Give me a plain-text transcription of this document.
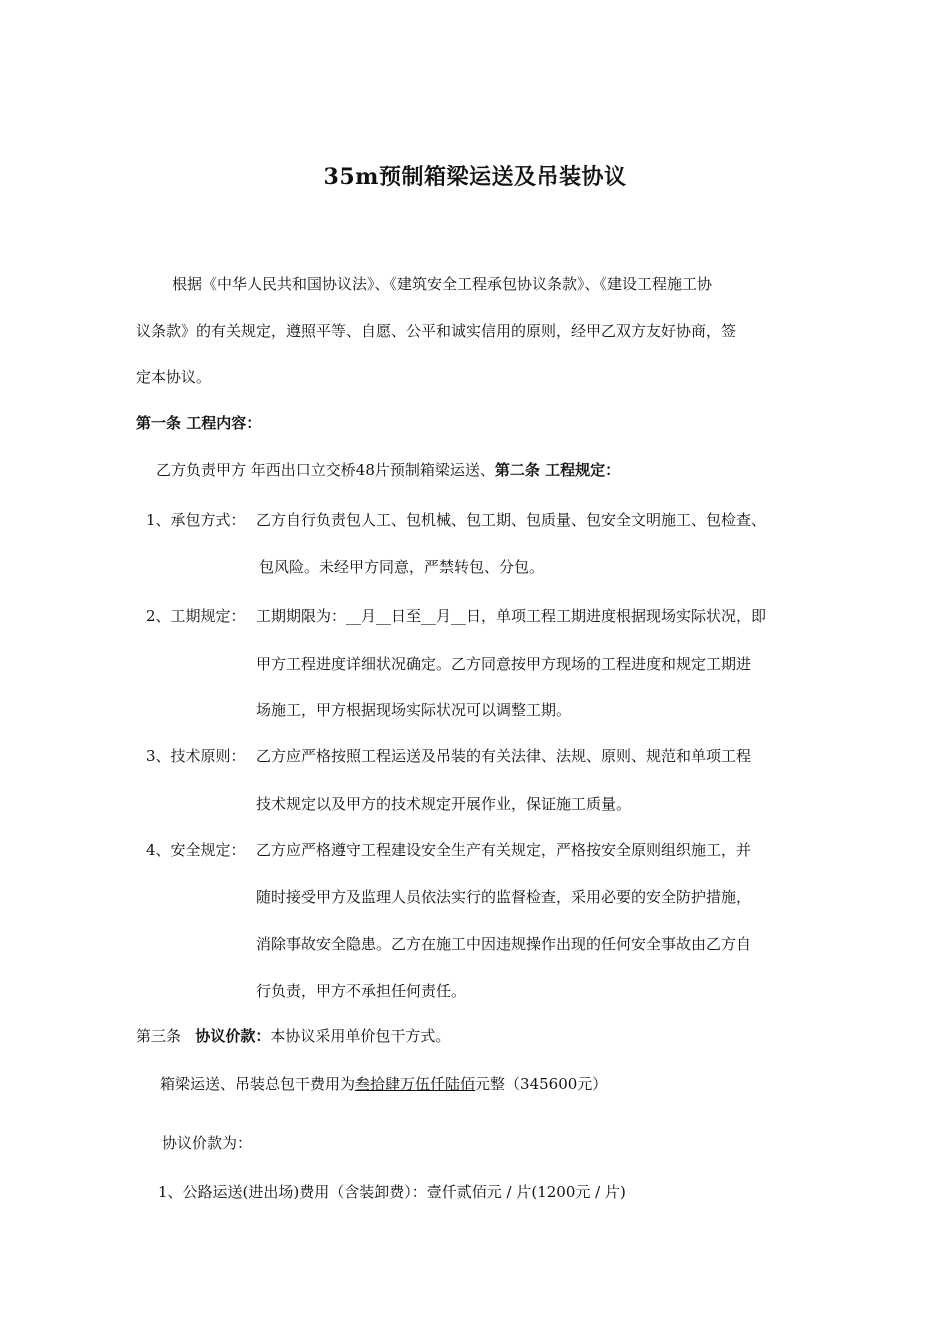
35m预制箱梁运送及吊装协议
根据《中华人民共和国协议法》、《建筑安全工程承包协议条款》、《建设工程施工协
议条款》的有关规定，遵照平等、自愿、公平和诚实信用的原则，经甲乙双方友好协商，签
定本协议。
第一条 工程内容：
乙方负责甲方 年西出口立交桥48片预制箱梁运送、第二条 工程规定：
1、承包方式： 乙方自行负责包人工、包机械、包工期、包质量、包安全文明施工、包检查、
包风险。未经甲方同意，严禁转包、分包。
2、工期规定： 工期期限为：__月__日至__月__日，单项工程工期进度根据现场实际状况，即
甲方工程进度详细状况确定。乙方同意按甲方现场的工程进度和规定工期进
场施工，甲方根据现场实际状况可以调整工期。
3、技术原则： 乙方应严格按照工程运送及吊装的有关法律、法规、原则、规范和单项工程
技术规定以及甲方的技术规定开展作业，保证施工质量。
4、安全规定： 乙方应严格遵守工程建设安全生产有关规定，严格按安全原则组织施工，并
随时接受甲方及监理人员依法实行的监督检查，采用必要的安全防护措施，
消除事故安全隐患。乙方在施工中因违规操作出现的任何安全事故由乙方自
行负责，甲方不承担任何责任。
第三条   协议价款：本协议采用单价包干方式。
箱梁运送、吊装总包干费用为叁拾肆万伍仟陆佰元整（345600元）
协议价款为：
1、公路运送(进出场)费用（含装卸费）：壹仟贰佰元 / 片(1200元 / 片)
